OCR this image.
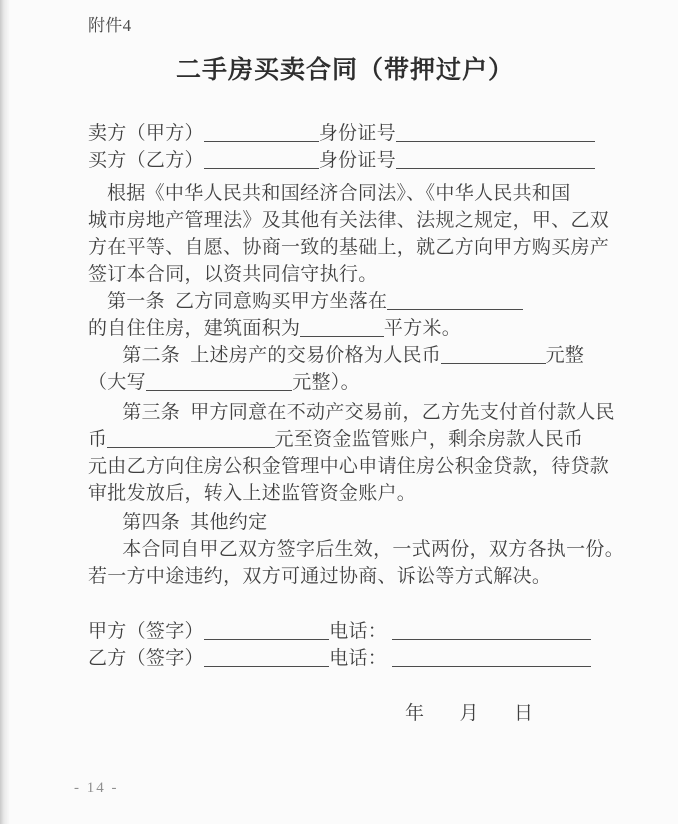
附件4
二手房买卖合同（带押过户）
卖方（甲方）	身份证号
买方（乙方）	身份证号
根据《中华人民共和国经济合同法》、《中华人民共和国
城市房地产管理法》及其他有关法律、法规之规定，甲、乙双
方在平等、自愿、协商一致的基础上，就乙方向甲方购买房产
签订本合同，以资共同信守执行。
第一条  乙方同意购买甲方坐落在
的自住住房，建筑面积为	平方米。
第二条  上述房产的交易价格为人民币	元整
（大写	元整）。
第三条  甲方同意在不动产交易前，乙方先支付首付款人民
币	元至资金监管账户，剩余房款人民币
元由乙方向住房公积金管理中心申请住房公积金贷款，待贷款
审批发放后，转入上述监管资金账户。
第四条  其他约定
本合同自甲乙双方签字后生效，一式两份，双方各执一份。
若一方中途违约，双方可通过协商、诉讼等方式解决。
甲方（签字）	电话：
乙方（签字）	电话：
年      月      日
- 14 -
